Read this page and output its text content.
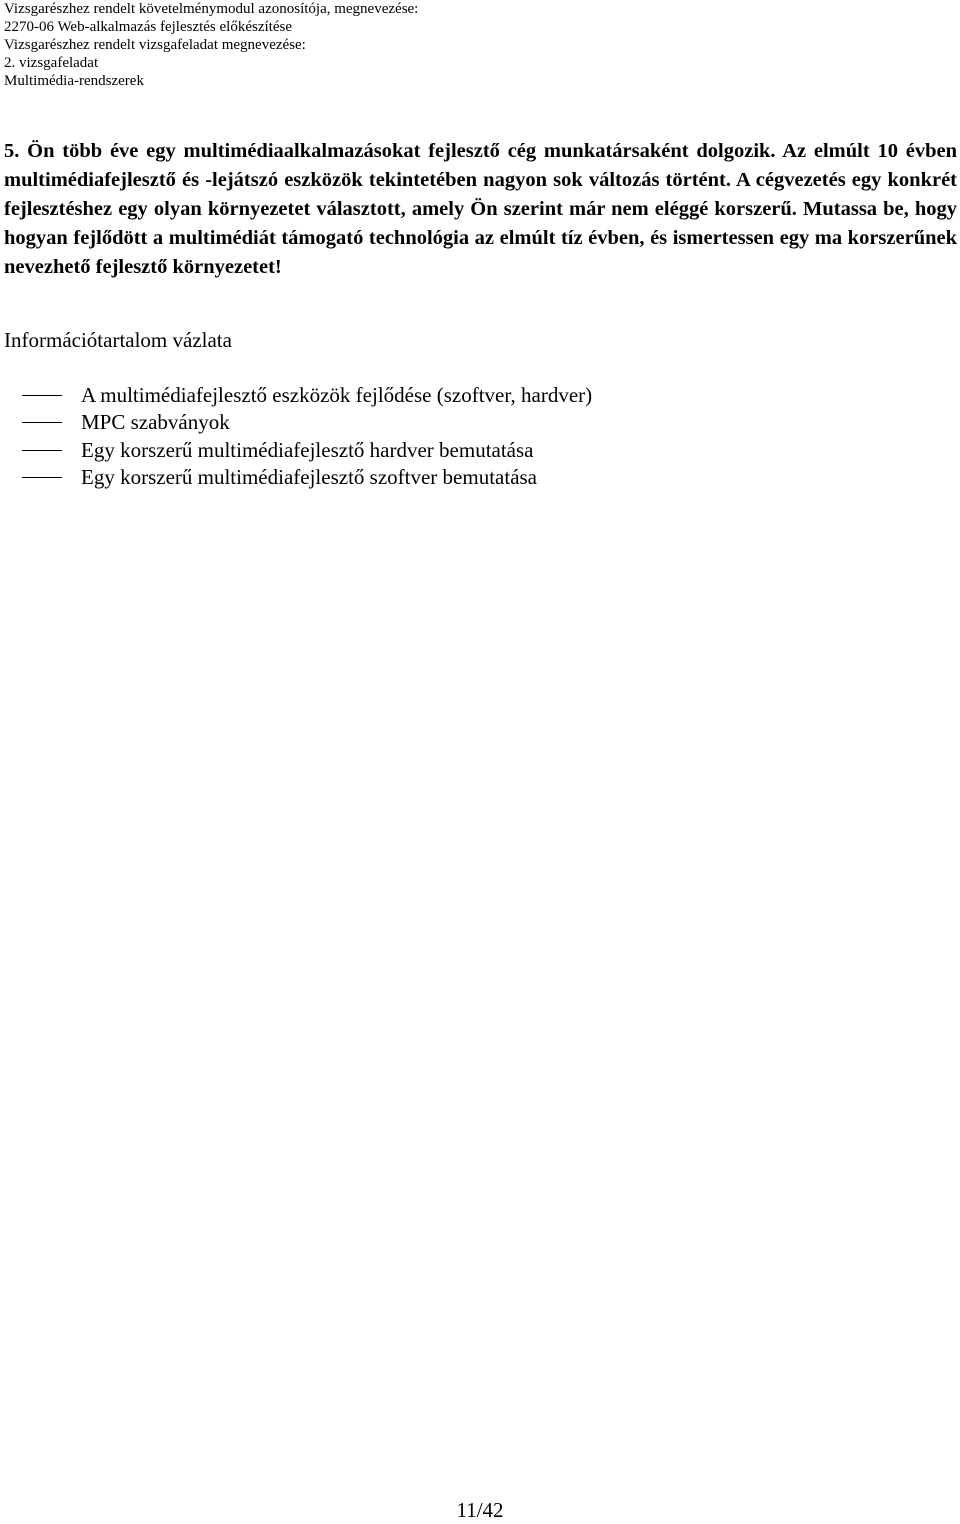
Vizsgarészhez rendelt követelménymodul azonosítója, megnevezése:
2270-06 Web-alkalmazás fejlesztés előkészítése
Vizsgarészhez rendelt vizsgafeladat megnevezése:
2. vizsgafeladat
Multimédia-rendszerek
5. Ön több éve egy multimédiaalkalmazásokat fejlesztő cég munkatársaként dolgozik. Az elmúlt 10 évben multimédiafejlesztő és -lejátszó eszközök tekintetében nagyon sok változás történt. A cégvezetés egy konkrét fejlesztéshez egy olyan környezetet választott, amely Ön szerint már nem eléggé korszerű. Mutassa be, hogy hogyan fejlődött a multimédiát támogató technológia az elmúlt tíz évben, és ismertessen egy ma korszerűnek nevezhető fejlesztő környezetet!
Információtartalom vázlata
A multimédiafejlesztő eszközök fejlődése (szoftver, hardver)
MPC szabványok
Egy korszerű multimédiafejlesztő hardver bemutatása
Egy korszerű multimédiafejlesztő szoftver bemutatása
11/42
